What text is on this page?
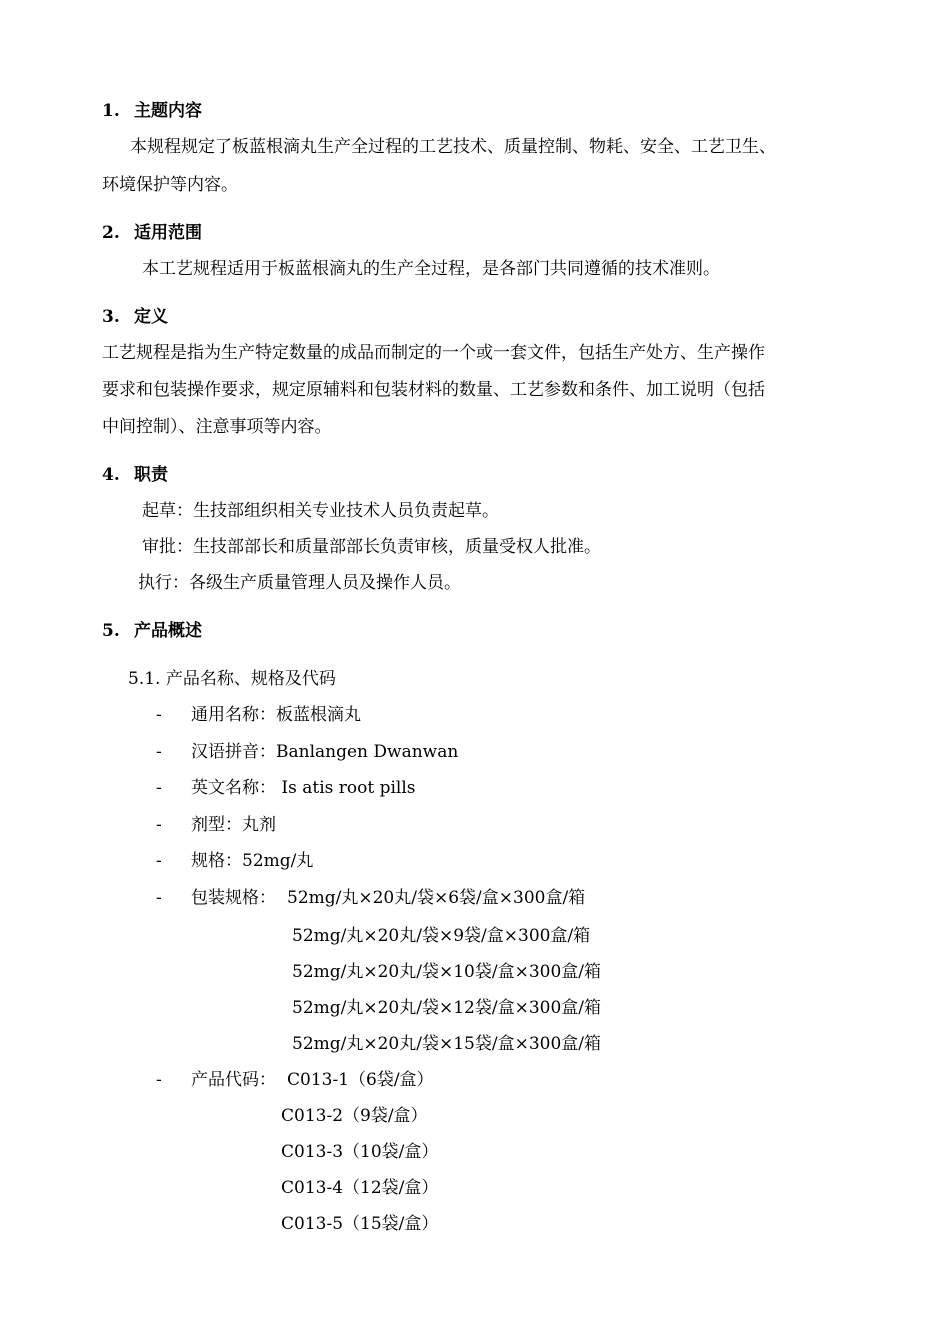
1. 主题内容
本规程规定了板蓝根滴丸生产全过程的工艺技术、质量控制、物耗、安全、工艺卫生、
环境保护等内容。
2. 适用范围
本工艺规程适用于板蓝根滴丸的生产全过程，是各部门共同遵循的技术准则。
3. 定义
工艺规程是指为生产特定数量的成品而制定的一个或一套文件，包括生产处方、生产操作
要求和包装操作要求，规定原辅料和包装材料的数量、工艺参数和条件、加工说明（包括
中间控制）、注意事项等内容。
4. 职责
起草：生技部组织相关专业技术人员负责起草。
审批：生技部部长和质量部部长负责审核，质量受权人批准。
执行：各级生产质量管理人员及操作人员。
5. 产品概述
5.1. 产品名称、规格及代码
- 通用名称：板蓝根滴丸
- 汉语拼音：Banlangen Dwanwan
- 英文名称： Is atis root pills
- 剂型：丸剂
- 规格：52mg/丸
- 包装规格： 52mg/丸×20丸/袋×6袋/盒×300盒/箱
52mg/丸×20丸/袋×9袋/盒×300盒/箱
52mg/丸×20丸/袋×10袋/盒×300盒/箱
52mg/丸×20丸/袋×12袋/盒×300盒/箱
52mg/丸×20丸/袋×15袋/盒×300盒/箱
- 产品代码： C013-1（6袋/盒）
C013-2（9袋/盒）
C013-3（10袋/盒）
C013-4（12袋/盒）
C013-5（15袋/盒）
